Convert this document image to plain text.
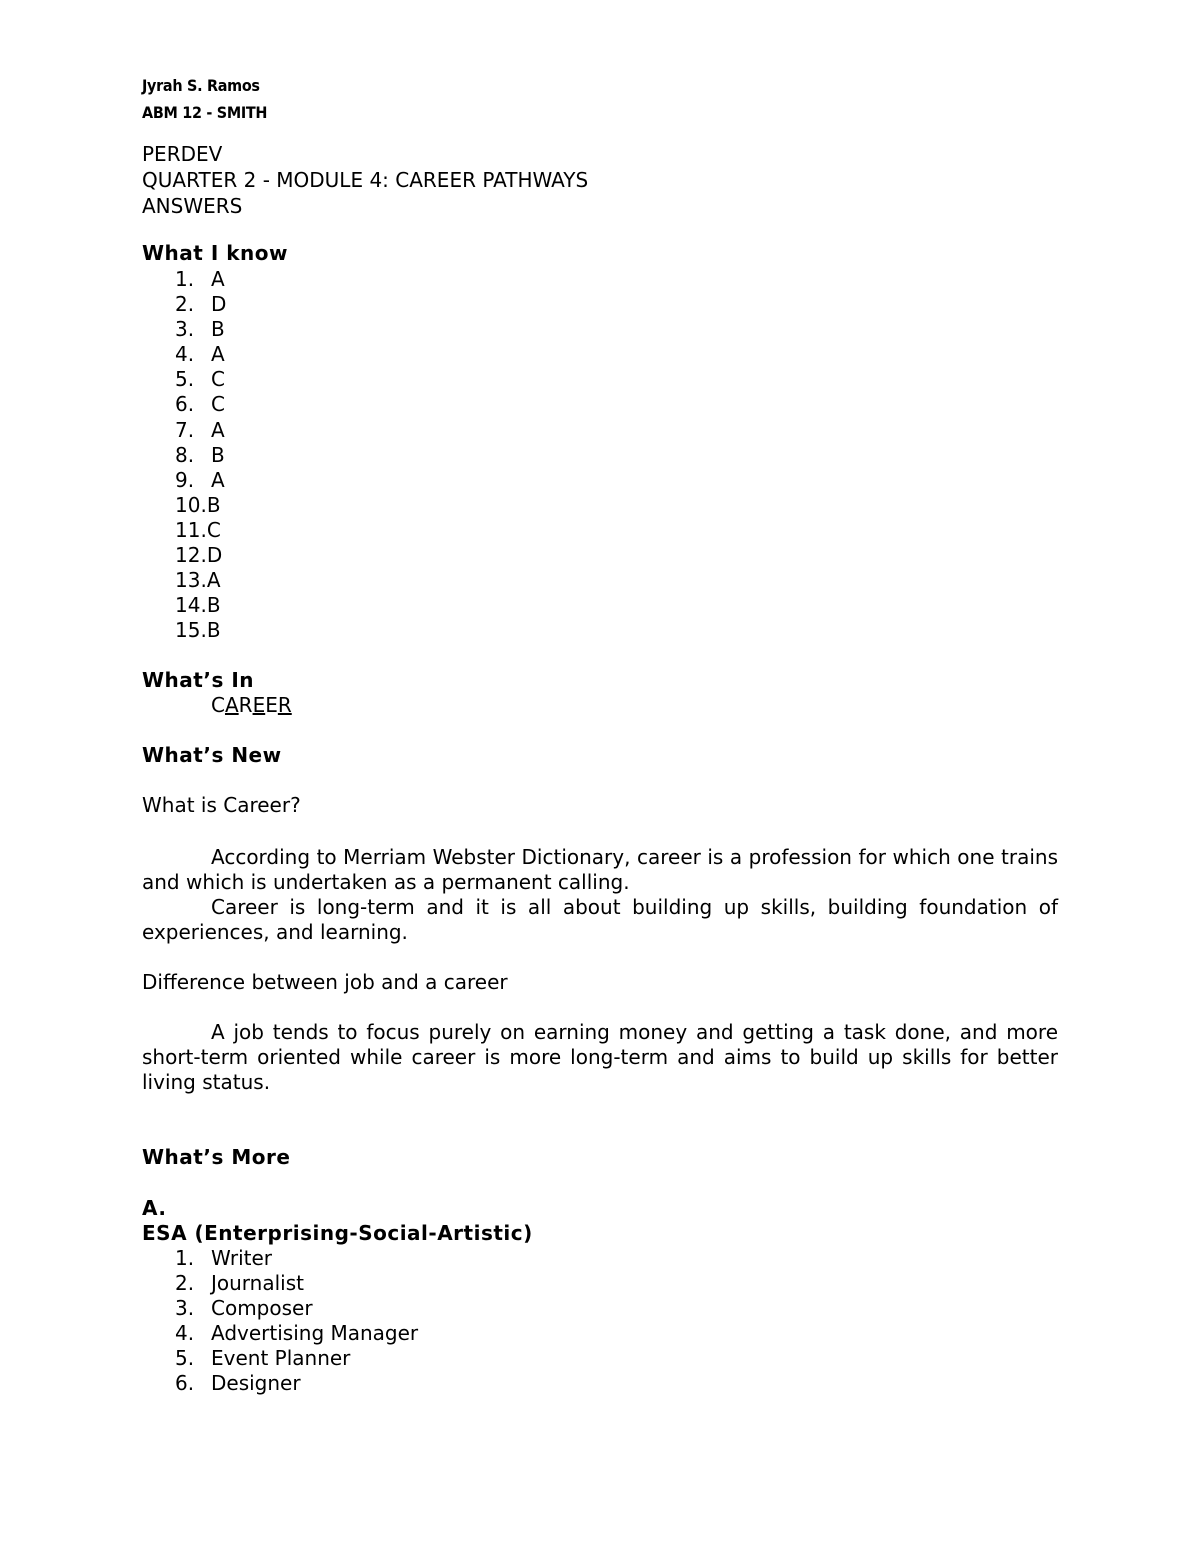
Jyrah S. Ramos
ABM 12 - SMITH
PERDEV
QUARTER 2 - MODULE 4: CAREER PATHWAYS
ANSWERS
What I know
1. A
2. D
3. B
4. A
5. C
6. C
7. A
8. B
9. A
10. B
11. C
12. D
13. A
14. B
15. B
What’s In
CAREER
What’s New
What is Career?
According to Merriam Webster Dictionary, career is a profession for which one trains and which is undertaken as a permanent calling.
Career is long-term and it is all about building up skills, building foundation of experiences, and learning.
Difference between job and a career
A job tends to focus purely on earning money and getting a task done, and more short-term oriented while career is more long-term and aims to build up skills for better living status.
What’s More
A.
ESA (Enterprising-Social-Artistic)
1. Writer
2. Journalist
3. Composer
4. Advertising Manager
5. Event Planner
6. Designer
